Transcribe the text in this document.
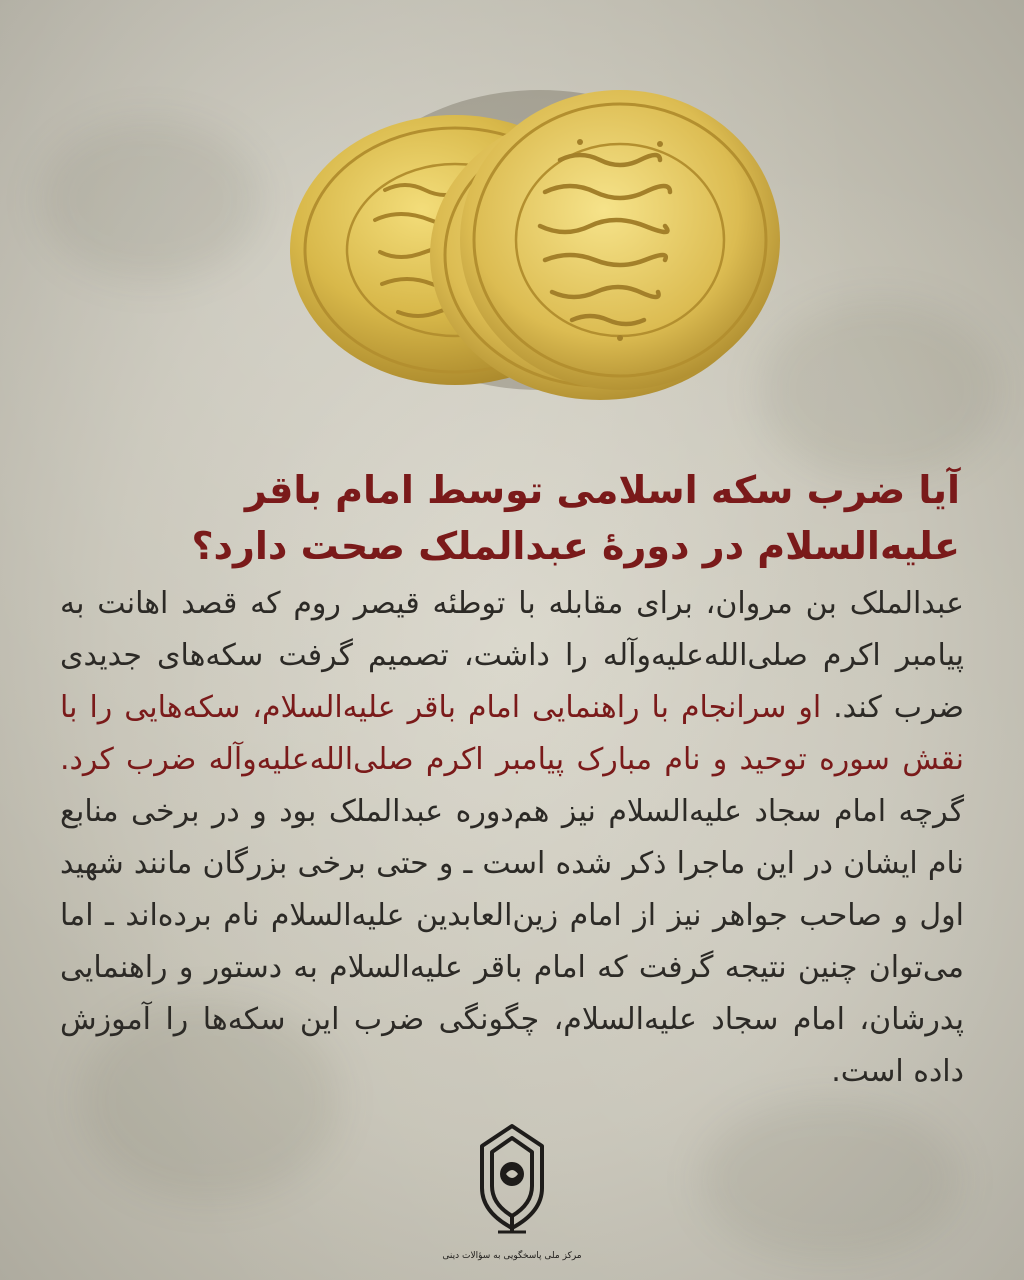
آیا ضرب سکه اسلامی توسط امام باقر علیه‌السلام در دورۀ عبدالملک صحت دارد؟

عبدالملک بن مروان، برای مقابله با توطئه قیصر روم که قصد اهانت به پیامبر اکرم صلی‌الله‌علیه‌وآله را داشت، تصمیم گرفت سکه‌های جدیدی ضرب کند. او سرانجام با راهنمایی امام باقر علیه‌السلام، سکه‌هایی را با نقش سوره توحید و نام مبارک پیامبر اکرم صلی‌الله‌علیه‌وآله ضرب کرد. گرچه امام سجاد علیه‌السلام نیز هم‌دوره عبدالملک بود و در برخی منابع نام ایشان در این ماجرا ذکر شده است ـ و حتی برخی بزرگان مانند شهید اول و صاحب جواهر نیز از امام زین‌العابدین علیه‌السلام نام برده‌اند ـ اما می‌توان چنین نتیجه گرفت که امام باقر علیه‌السلام به دستور و راهنمایی پدرشان، امام سجاد علیه‌السلام، چگونگی ضرب این سکه‌ها را آموزش داده است.

مرکز ملی پاسخگویی به سؤالات دینی
